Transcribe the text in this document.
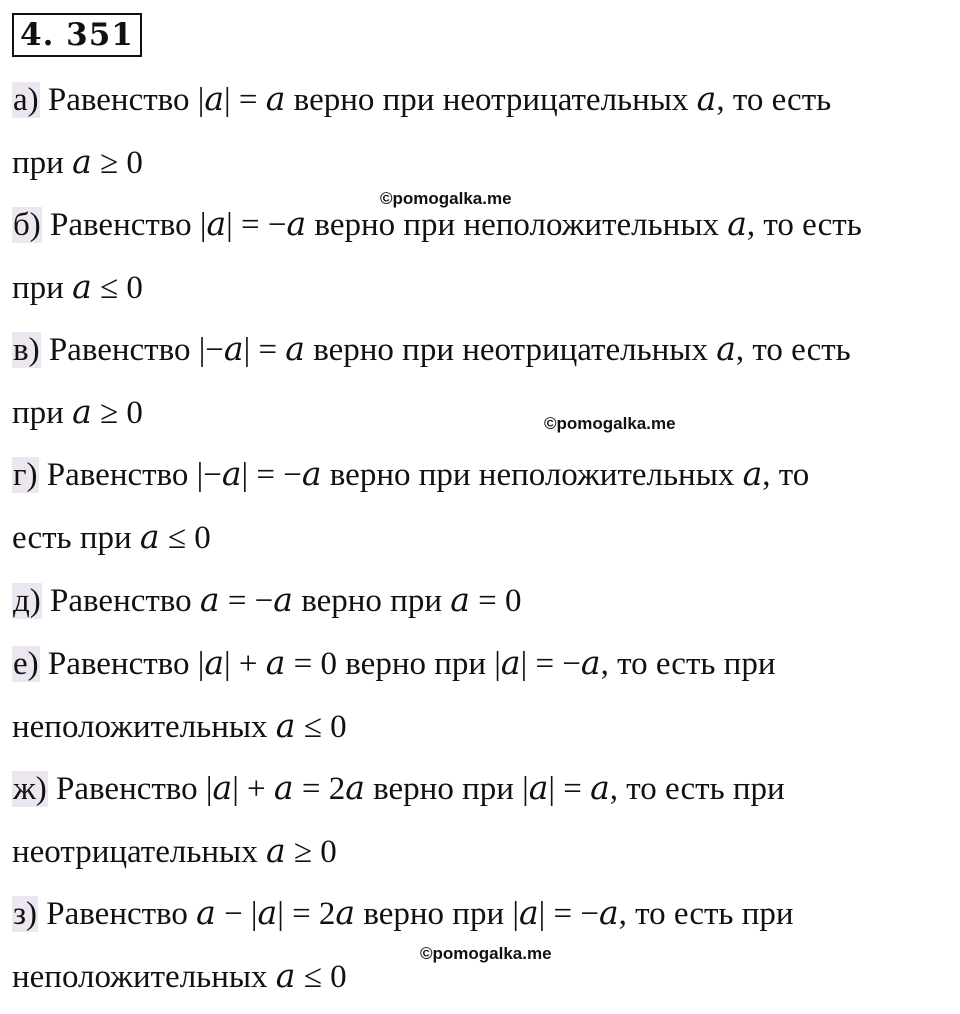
4. 351
а) Равенство |𝑎| = 𝑎 верно при неотрицательных 𝑎, то есть
при 𝑎 ≥ 0
б) Равенство |𝑎| = −𝑎 верно при неположительных 𝑎, то есть
при 𝑎 ≤ 0
в) Равенство |−𝑎| = 𝑎 верно при неотрицательных 𝑎, то есть
при 𝑎 ≥ 0
г) Равенство |−𝑎| = −𝑎 верно при неположительных 𝑎, то
есть при 𝑎 ≤ 0
д) Равенство 𝑎 = −𝑎 верно при 𝑎 = 0
е) Равенство |𝑎| + 𝑎 = 0 верно при |𝑎| = −𝑎, то есть при
неположительных 𝑎 ≤ 0
ж) Равенство |𝑎| + 𝑎 = 2𝑎 верно при |𝑎| = 𝑎, то есть при
неотрицательных 𝑎 ≥ 0
з) Равенство 𝑎 − |𝑎| = 2𝑎 верно при |𝑎| = −𝑎, то есть при
неположительных 𝑎 ≤ 0
©pomogalka.me
©pomogalka.me
©pomogalka.me
